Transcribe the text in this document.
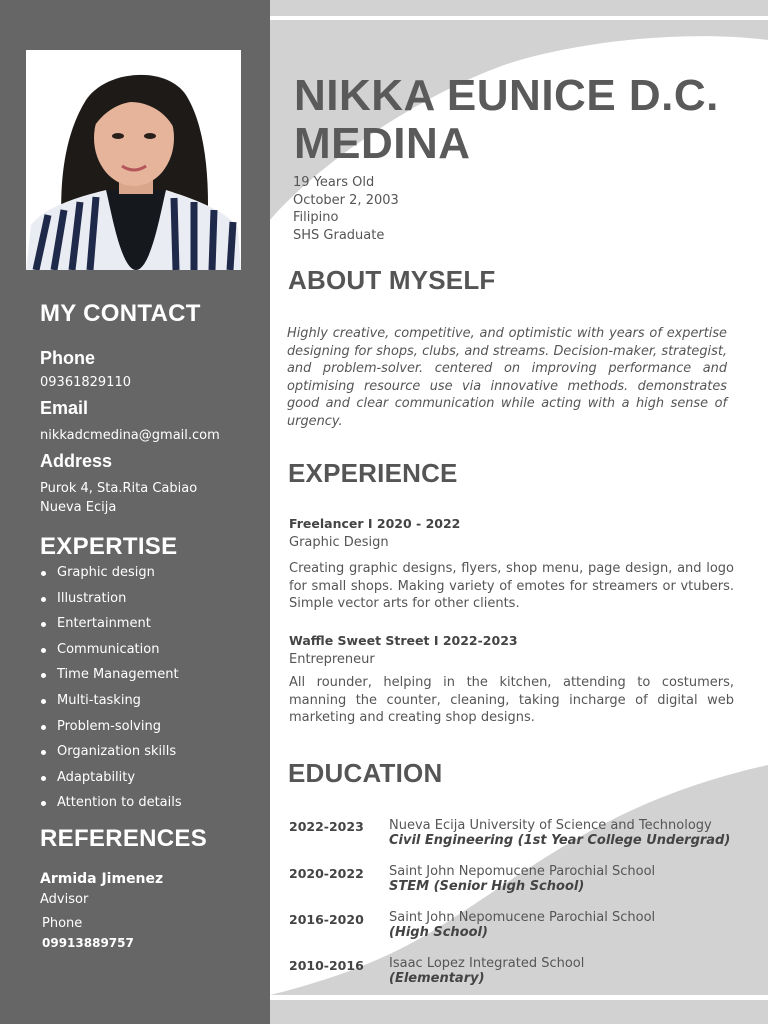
MY CONTACT
Phone
09361829110
Email
nikkadcmedina@gmail.com
Address
Purok 4, Sta.Rita Cabiao
Nueva Ecija
EXPERTISE
Graphic design
Illustration
Entertainment
Communication
Time Management
Multi-tasking
Problem-solving
Organization skills
Adaptability
Attention to details
REFERENCES
Armida Jimenez
Advisor
Phone
09913889757
NIKKA EUNICE D.C. MEDINA
19 Years Old
October 2, 2003
Filipino
SHS Graduate
ABOUT MYSELF
Highly creative, competitive, and optimistic with years of expertise designing for shops, clubs, and streams. Decision-maker, strategist, and problem-solver. centered on improving performance and optimising resource use via innovative methods. demonstrates good and clear communication while acting with a high sense of urgency.
EXPERIENCE
Freelancer I 2020 - 2022
Graphic Design
Creating graphic designs, flyers, shop menu, page design, and logo for small shops. Making variety of emotes for streamers or vtubers. Simple vector arts for other clients.
Waffle Sweet Street I 2022-2023
Entrepreneur
All rounder, helping in the kitchen, attending to costumers, manning the counter, cleaning, taking incharge of digital web marketing and creating shop designs.
EDUCATION
2022-2023 Nueva Ecija University of Science and Technology
Civil Engineering (1st Year College Undergrad)
2020-2022 Saint John Nepomucene Parochial School
STEM (Senior High School)
2016-2020 Saint John Nepomucene Parochial School
(High School)
2010-2016 Isaac Lopez Integrated School
(Elementary)
